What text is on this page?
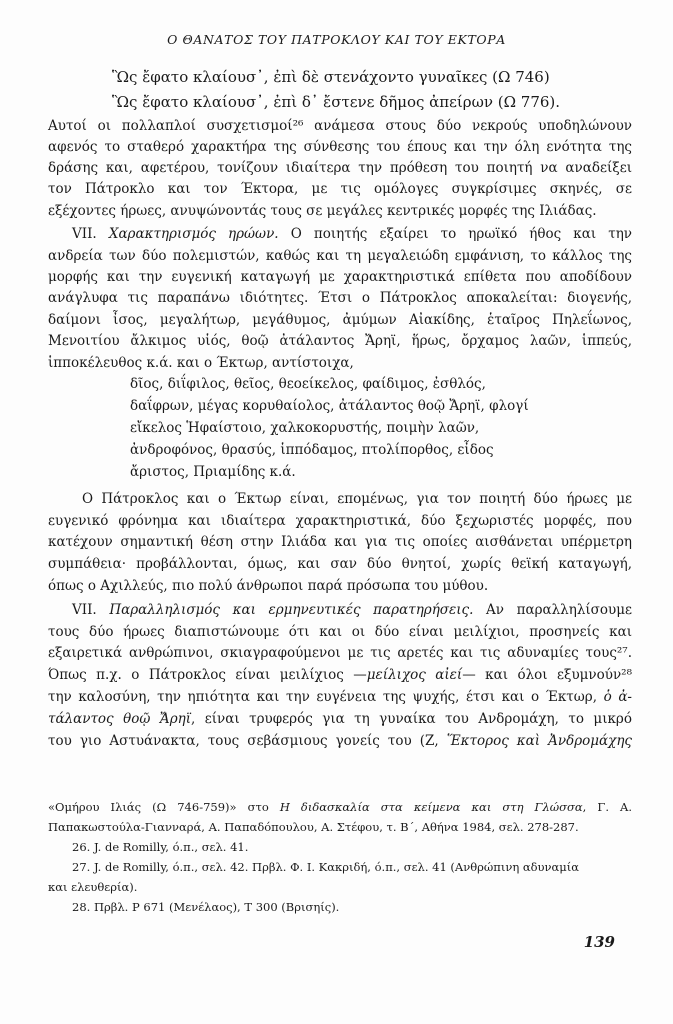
Ο ΘΑΝΑΤΟΣ ΤΟΥ ΠΑΤΡΟΚΛΟΥ ΚΑΙ ΤΟΥ ΕΚΤΟΡΑ
Ὣς ἔφατο κλαίουσ᾽, ἐπὶ δὲ στενάχοντο γυναῖκες (Ω 746)
Ὣς ἔφατο κλαίουσ᾽, ἐπὶ δ᾽ ἔστενε δῆμος ἀπείρων (Ω 776).
Αυτοί οι πολλαπλοί συσχετισμοί²⁶ ανάμεσα στους δύο νεκρούς υποδηλώνουν
αφενός το σταθερό χαρακτήρα της σύνθεσης του έπους και την όλη ενότητα της
δράσης και, αφετέρου, τονίζουν ιδιαίτερα την πρόθεση του ποιητή να αναδείξει
τον Πάτροκλο και τον Έκτορα, με τις ομόλογες συγκρίσιμες σκηνές, σε
εξέχοντες ήρωες, ανυψώνοντάς τους σε μεγάλες κεντρικές μορφές της Ιλιάδας.
VII. Χαρακτηρισμός ηρώων. Ο ποιητής εξαίρει το ηρωϊκό ήθος και την
ανδρεία των δύο πολεμιστών, καθώς και τη μεγαλειώδη εμφάνιση, το κάλλος της
μορφής και την ευγενική καταγωγή με χαρακτηριστικά επίθετα που αποδίδουν
ανάγλυφα τις παραπάνω ιδιότητες. Έτσι ο Πάτροκλος αποκαλείται: διογενής,
δαίμονι ἶσος, μεγαλήτωρ, μεγάθυμος, ἀμύμων Αἰακίδης, ἑταῖρος Πηλεΐωνος,
Μενοιτίου ἄλκιμος υἱός, θοῷ ἀτάλαντος Ἄρηϊ, ἥρως, ὄρχαμος λαῶν, ἱππεύς,
ἱπποκέλευθος κ.ά. και ο Έκτωρ, αντίστοιχα,
δῖος, διΐφιλος, θεῖος, θεοείκελος, φαίδιμος, ἐσθλός,
δαΐφρων, μέγας κορυθαίολος, ἀτάλαντος θοῷ Ἄρηϊ, φλογί
εἴκελος Ἡφαίστοιο, χαλκοκορυστής, ποιμὴν λαῶν,
ἀνδροφόνος, θρασύς, ἱππόδαμος, πτολίπορθος, εἶδος
ἄριστος, Πριαμίδης κ.ά.
Ο Πάτροκλος και ο Έκτωρ είναι, επομένως, για τον ποιητή δύο ήρωες με
ευγενικό φρόνημα και ιδιαίτερα χαρακτηριστικά, δύο ξεχωριστές μορφές, που
κατέχουν σημαντική θέση στην Ιλιάδα και για τις οποίες αισθάνεται υπέρμετρη
συμπάθεια· προβάλλονται, όμως, και σαν δύο θνητοί, χωρίς θεϊκή καταγωγή,
όπως ο Αχιλλεύς, πιο πολύ άνθρωποι παρά πρόσωπα του μύθου.
VII. Παραλληλισμός και ερμηνευτικές παρατηρήσεις. Αν παραλληλίσουμε
τους δύο ήρωες διαπιστώνουμε ότι και οι δύο είναι μειλίχιοι, προσηνείς και
εξαιρετικά ανθρώπινοι, σκιαγραφούμενοι με τις αρετές και τις αδυναμίες τους²⁷.
Όπως π.χ. ο Πάτροκλος είναι μειλίχιος —μείλιχος αἰεί— και όλοι εξυμνούν²⁸
την καλοσύνη, την ηπιότητα και την ευγένεια της ψυχής, έτσι και ο Έκτωρ, ὁ ἀ-
τάλαντος θοῷ Ἄρηϊ, είναι τρυφερός για τη γυναίκα του Ανδρομάχη, το μικρό
του γιο Αστυάνακτα, τους σεβάσμιους γονείς του (Ζ, Ἕκτορος καὶ Ἀνδρομάχης
«Ομήρου Ιλιάς (Ω 746-759)» στο Η διδασκαλία στα κείμενα και στη Γλώσσα, Γ. Α.
Παπακωστούλα-Γιανναρά, Α. Παπαδόπουλου, Α. Στέφου, τ. Β΄, Αθήνα 1984, σελ. 278-287.
26. J. de Romilly, ό.π., σελ. 41.
27. J. de Romilly, ό.π., σελ. 42. Πρβλ. Φ. Ι. Κακριδή, ό.π., σελ. 41 (Ανθρώπινη αδυναμία
και ελευθερία).
28. Πρβλ. Ρ 671 (Μενέλαος), Τ 300 (Βρισηίς).
139
